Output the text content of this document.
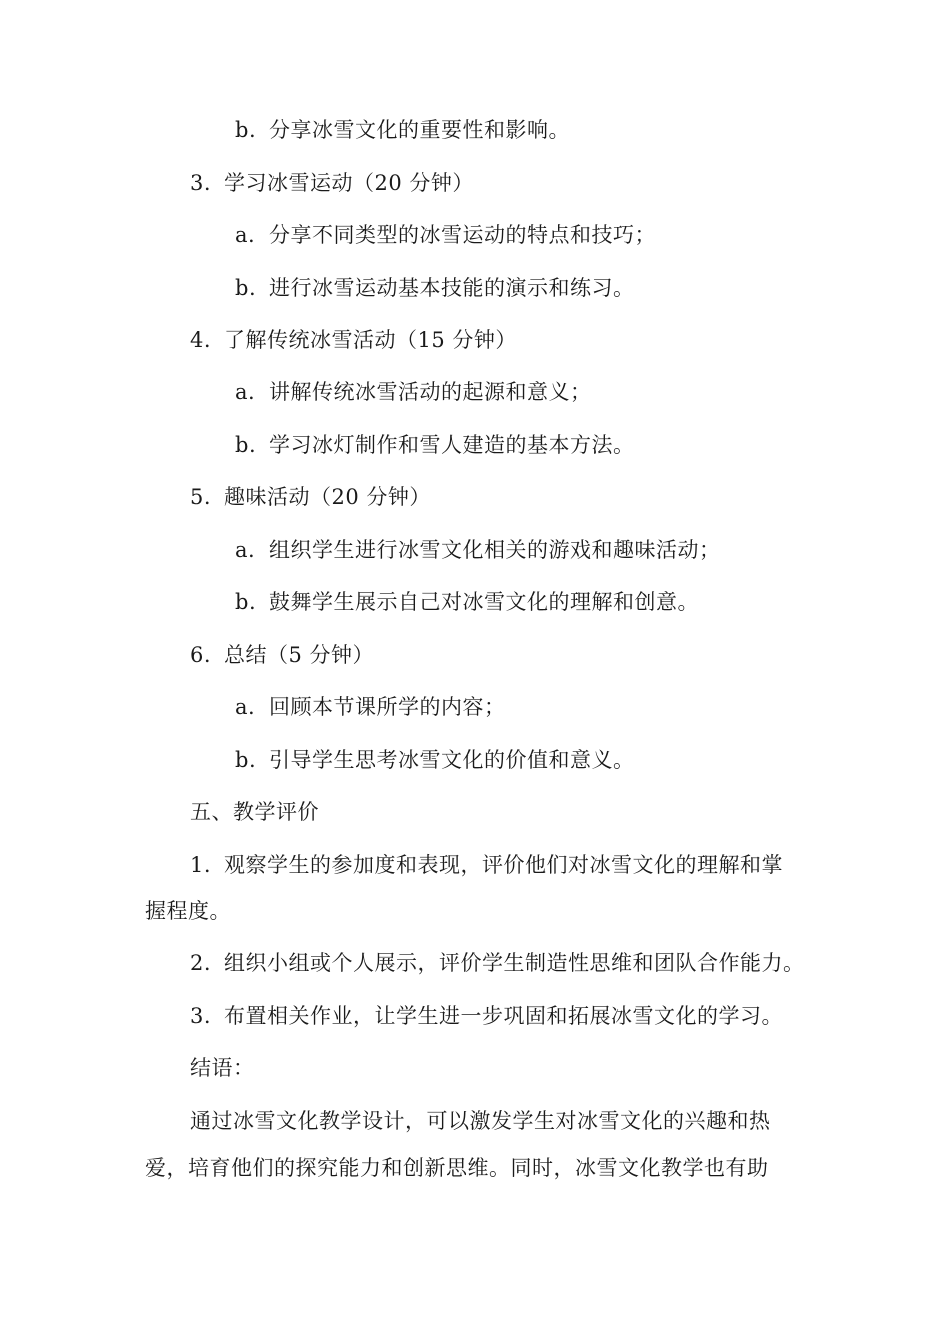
b. 分享冰雪文化的重要性和影响。
3. 学习冰雪运动（20 分钟）
a. 分享不同类型的冰雪运动的特点和技巧；
b. 进行冰雪运动基本技能的演示和练习。
4. 了解传统冰雪活动（15 分钟）
a. 讲解传统冰雪活动的起源和意义；
b. 学习冰灯制作和雪人建造的基本方法。
5. 趣味活动（20 分钟）
a. 组织学生进行冰雪文化相关的游戏和趣味活动；
b. 鼓舞学生展示自己对冰雪文化的理解和创意。
6. 总结（5 分钟）
a. 回顾本节课所学的内容；
b. 引导学生思考冰雪文化的价值和意义。
五、教学评价
1. 观察学生的参加度和表现，评价他们对冰雪文化的理解和掌
握程度。
2. 组织小组或个人展示，评价学生制造性思维和团队合作能力。
3. 布置相关作业，让学生进一步巩固和拓展冰雪文化的学习。
结语：
通过冰雪文化教学设计，可以激发学生对冰雪文化的兴趣和热
爱，培育他们的探究能力和创新思维。同时，冰雪文化教学也有助
